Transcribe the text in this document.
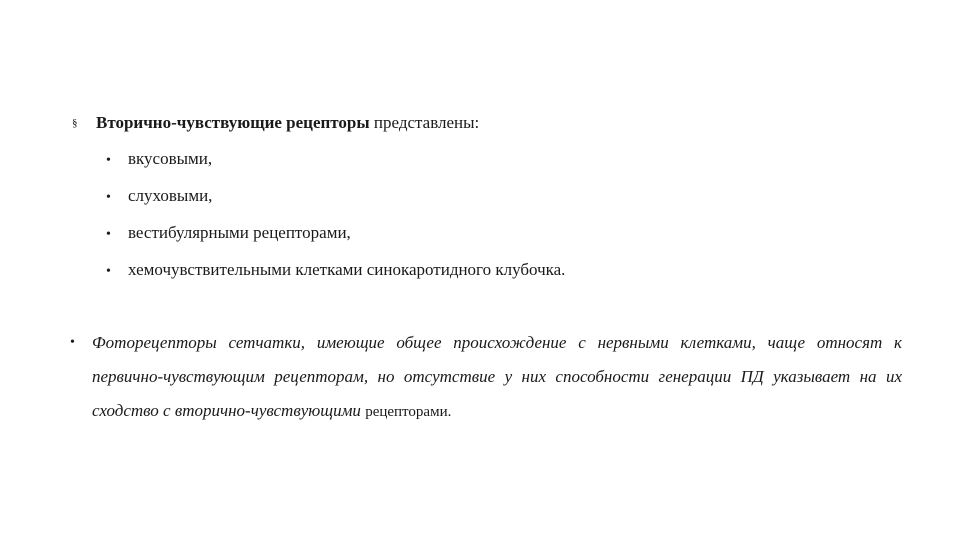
§ Вторично-чувствующие рецепторы представлены:
• вкусовыми,
• слуховыми,
• вестибулярными рецепторами,
• хемочувствительными клетками синокаротидного клубочка.
• Фоторецепторы сетчатки, имеющие общее происхождение с нервными клетками, чаще относят к первично-чувствующим рецепторам, но отсутствие у них способности генерации ПД указывает на их сходство с вторично-чувствующими рецепторами.
